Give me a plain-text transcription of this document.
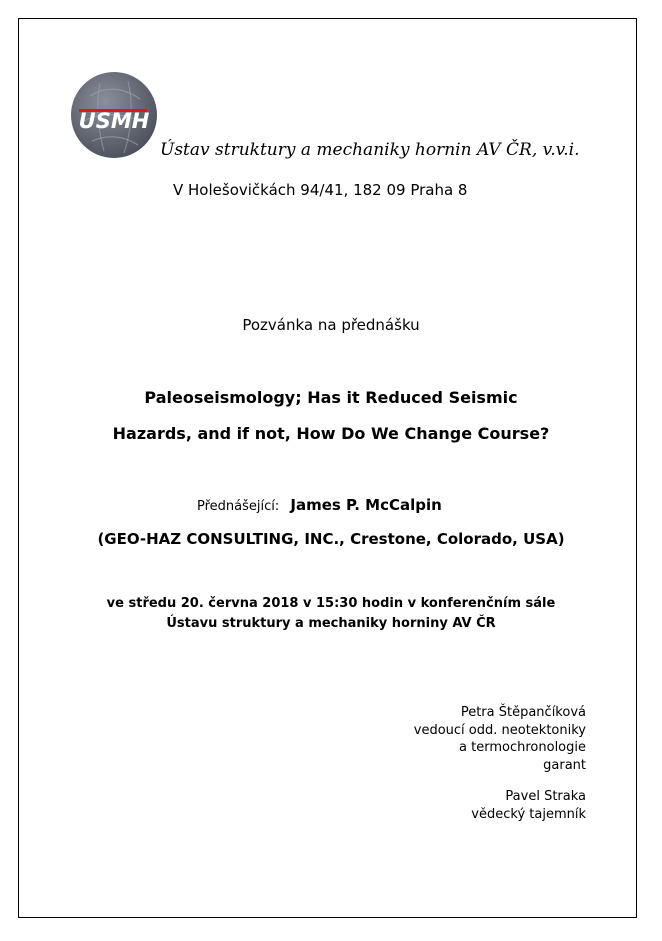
USMH
Ústav struktury a mechaniky hornin AV ČR, v.v.i.
V Holešovičkách 94/41, 182 09 Praha 8
Pozvánka na přednášku
Paleoseismology; Has it Reduced Seismic
Hazards, and if not, How Do We Change Course?
Přednášející: James P. McCalpin
(GEO-HAZ CONSULTING, INC., Crestone, Colorado, USA)
ve středu 20. června 2018 v 15:30 hodin v konferenčním sále
Ústavu struktury a mechaniky horniny AV ČR
Petra Štěpančíková
vedoucí odd. neotektoniky
a termochronologie
garant
Pavel Straka
vědecký tajemník
